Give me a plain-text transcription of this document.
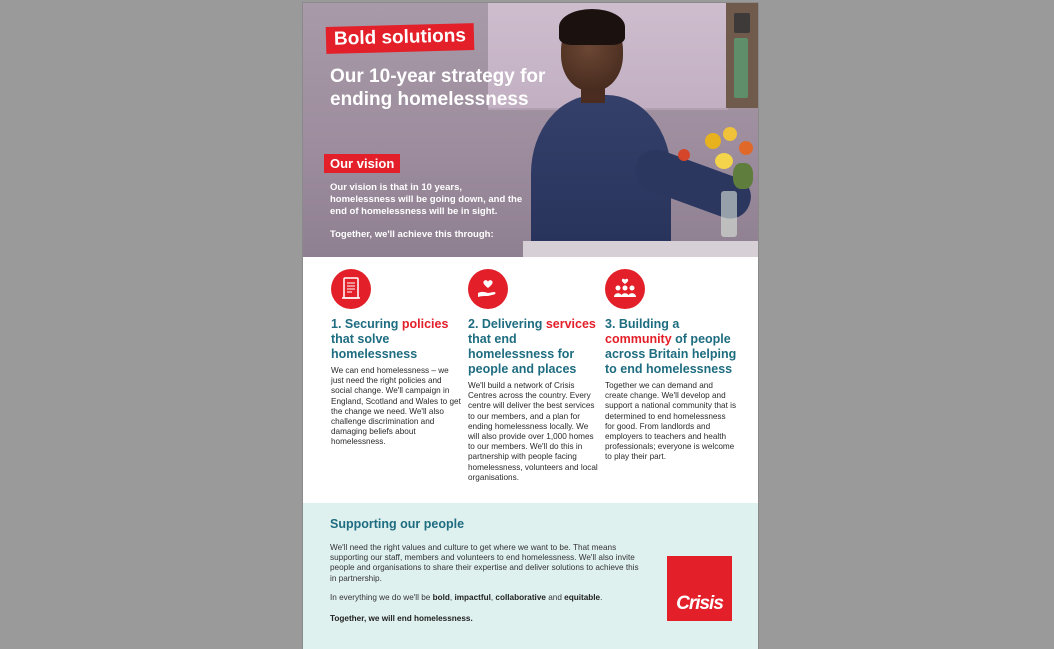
Bold solutions
Our 10-year strategy for ending homelessness
Our vision

Our vision is that in 10 years, homelessness will be going down, and the end of homelessness will be in sight.

Together, we'll achieve this through:
1. Securing policies that solve homelessness

We can end homelessness – we just need the right policies and social change. We'll campaign in England, Scotland and Wales to get the change we need. We'll also challenge discrimination and damaging beliefs about homelessness.

2. Delivering services that end homelessness for people and places

We'll build a network of Crisis Centres across the country. Every centre will deliver the best services to our members, and a plan for ending homelessness locally. We will also provide over 1,000 homes to our members. We'll do this in partnership with people facing homelessness, volunteers and local organisations.

3. Building a community of people across Britain helping to end homelessness

Together we can demand and create change. We'll develop and support a national community that is determined to end homelessness for good. From landlords and employers to teachers and health professionals; everyone is welcome to play their part.

Supporting our people

We'll need the right values and culture to get where we want to be. That means supporting our staff, members and volunteers to end homelessness. We'll also invite people and organisations to share their expertise and deliver solutions to achieve this in partnership.

In everything we do we'll be bold, impactful, collaborative and equitable.

Together, we will end homelessness.

Crisis
